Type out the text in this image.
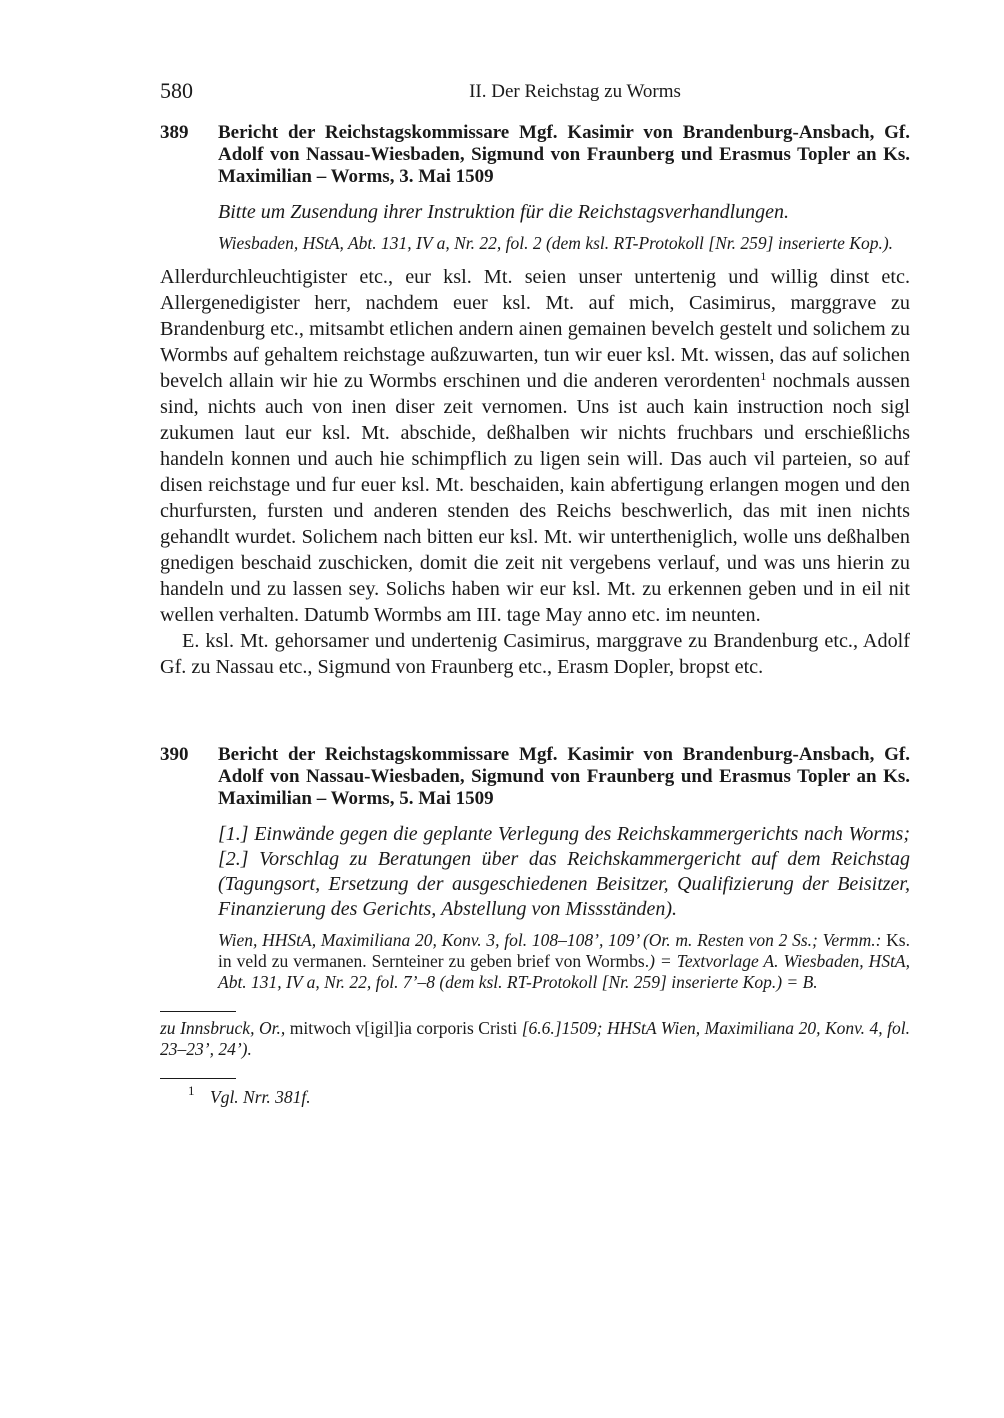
580	II. Der Reichstag zu Worms
389 Bericht der Reichstagskommissare Mgf. Kasimir von Brandenburg-Ansbach, Gf. Adolf von Nassau-Wiesbaden, Sigmund von Fraunberg und Erasmus Topler an Ks. Maximilian – Worms, 3. Mai 1509
Bitte um Zusendung ihrer Instruktion für die Reichstagsverhandlungen.
Wiesbaden, HStA, Abt. 131, IV a, Nr. 22, fol. 2 (dem ksl. RT-Protokoll [Nr. 259] inserierte Kop.).

Allerdurchleuchtigister etc., eur ksl. Mt. seien unser untertenig und willig dinst etc. Allergenedigister herr, nachdem euer ksl. Mt. auf mich, Casimirus, marggrave zu Brandenburg etc., mitsambt etlichen andern ainen gemainen bevelch gestelt und solichem zu Wormbs auf gehaltem reichstage außzuwarten, tun wir euer ksl. Mt. wissen, das auf solichen bevelch allain wir hie zu Wormbs erschinen und die anderen verordenten$^1$ nochmals aussen sind, nichts auch von inen diser zeit vernomen. Uns ist auch kain instruction noch sigl zukumen laut eur ksl. Mt. abschide, deßhalben wir nichts fruchbars und erschießlichs handeln konnen und auch hie schimpflich zu ligen sein will. Das auch vil parteien, so auf disen reichstage und fur euer ksl. Mt. beschaiden, kain abfertigung erlangen mogen und den churfursten, fursten und anderen stenden des Reichs beschwerlich, das mit inen nichts gehandlt wurdet. Solichem nach bitten eur ksl. Mt. wir untertheniglich, wolle uns deßhalben gnedigen beschaid zuschicken, domit die zeit nit vergebens verlauf, und was uns hierin zu handeln und zu lassen sey. Solichs haben wir eur ksl. Mt. zu erkennen geben und in eil nit wellen verhalten. Datumb Wormbs am III. tage May anno etc. im neunten.

E. ksl. Mt. gehorsamer und undertenig Casimirus, marggrave zu Brandenburg etc., Adolf Gf. zu Nassau etc., Sigmund von Fraunberg etc., Erasm Dopler, bropst etc.

390 Bericht der Reichstagskommissare Mgf. Kasimir von Brandenburg-Ansbach, Gf. Adolf von Nassau-Wiesbaden, Sigmund von Fraunberg und Erasmus Topler an Ks. Maximilian – Worms, 5. Mai 1509
[1.] Einwände gegen die geplante Verlegung des Reichskammergerichts nach Worms; [2.] Vorschlag zu Beratungen über das Reichskammergericht auf dem Reichstag (Tagungsort, Ersetzung der ausgeschiedenen Beisitzer, Qualifizierung der Beisitzer, Finanzierung des Gerichts, Abstellung von Missständen).
Wien, HHStA, Maximiliana 20, Konv. 3, fol. 108–108’, 109’ (Or. m. Resten von 2 Ss.; Vermm.: Ks. in veld zu vermanen. Sernteiner zu geben brief von Wormbs.) = Textvorlage A. Wiesbaden, HStA, Abt. 131, IV a, Nr. 22, fol. 7’–8 (dem ksl. RT-Protokoll [Nr. 259] inserierte Kop.) = B.
zu Innsbruck, Or., mitwoch v[igil]ia corporis Cristi [6.6.]1509; HHStA Wien, Maximiliana 20, Konv. 4, fol. 23–23’, 24’).
1 Vgl. Nrr. 381f.
